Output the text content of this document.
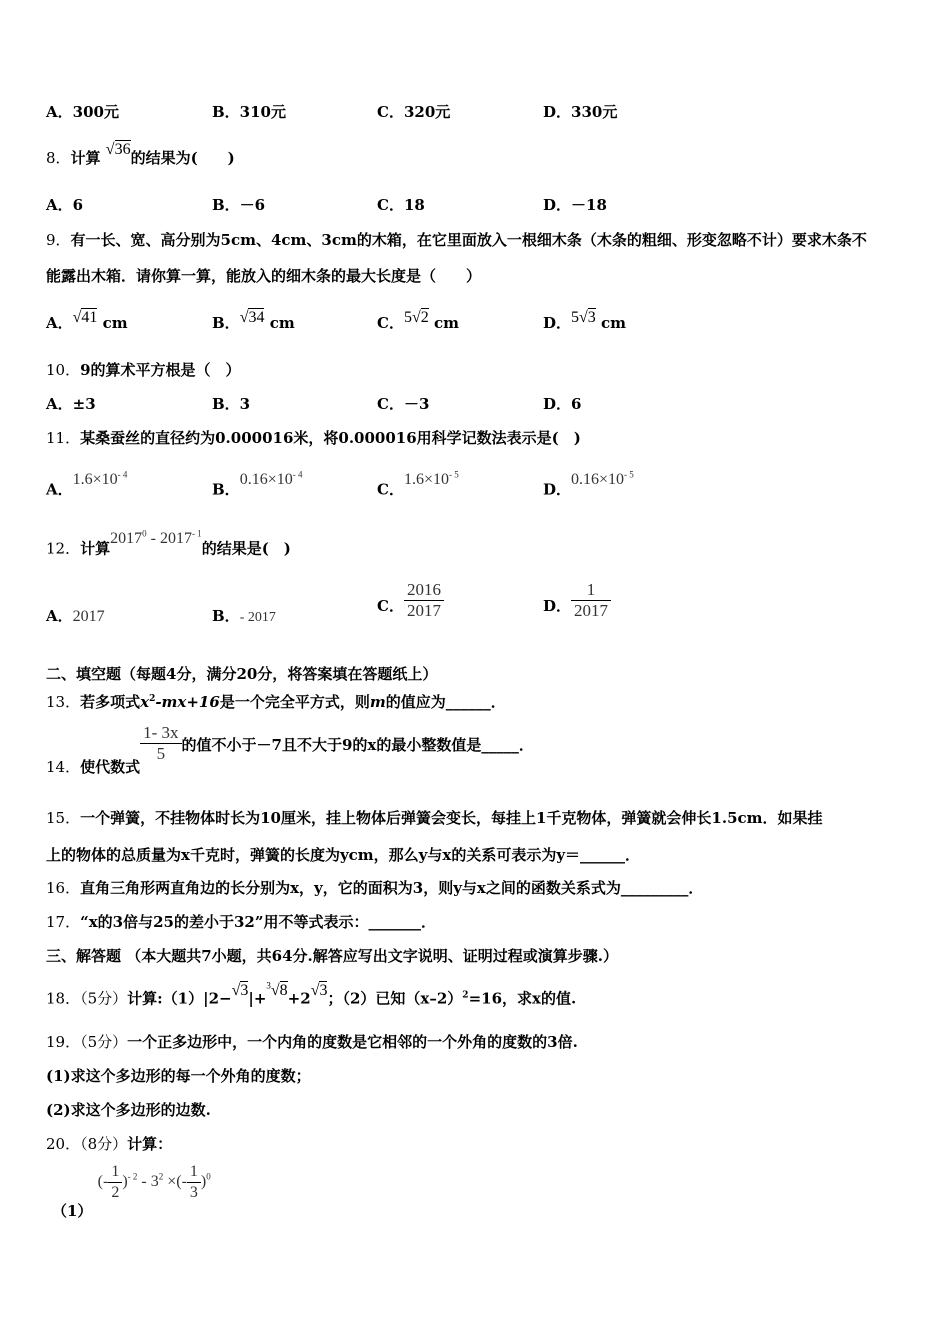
A．300元	B．310元	C．320元	D．330元
8．计算 √36的结果为(　　)
A．6	B．－6	C．18	D．－18
9．有一长、宽、高分别为5cm、4cm、3cm的木箱，在它里面放入一根细木条（木条的粗细、形变忽略不计）要求木条不
能露出木箱．请你算一算，能放入的细木条的最大长度是（　　）
A．√41 cm	B．√34 cm	C．5√2 cm	D．5√3 cm
10．9的算术平方根是（　）
A．±3	B．3	C．－3	D．6
11．某桑蚕丝的直径约为0.000016米，将0.000016用科学记数法表示是(　)
A．$1.6\times 10^{- 4}$
B．$0.16\times 10^{- 4}$
C．$1.6\times 10^{- 5}$
D．$0.16\times 10^{- 5}$
12．计算$2017^0 - 2017^{- 1}$的结果是(　)
A．2017	B．- 2017
C． $\frac{2016}{2017}$	D． $\frac{1}{2017}$
二、填空题（每题4分，满分20分，将答案填在答题纸上）
13．若多项式$x^2-mx+16$是一个完全平方式，则m的值应为______．
14．使代数式
$\frac{1- 3x}{5}$ 的值不小于－7且不大于9的x的最小整数值是_____．
15．一个弹簧，不挂物体时长为10厘米，挂上物体后弹簧会变长，每挂上1千克物体，弹簧就会伸长1.5cm．如果挂
上的物体的总质量为x千克时，弹簧的长度为ycm，那么y与x的关系可表示为y＝______．
16．直角三角形两直角边的长分别为x，y，它的面积为3，则y与x之间的函数关系式为_________．
17．“x的3倍与25的差小于32”用不等式表示：_______．
三、解答题 （本大题共7小题，共64分.解答应写出文字说明、证明过程或演算步骤.）
18．（5分）计算:（1）|2−√3|+$^3$√8+2√3；（2）已知$(x-2)^2=16$，求x的值.
19．（5分）一个正多边形中，一个内角的度数是它相邻的一个外角的度数的3倍.
(1)求这个多边形的每一个外角的度数；
(2)求这个多边形的边数.
20．（8分）计算：
（1） (- $\frac{1}{2} )^{- 2} - 3^2$ ×(- $\frac{1}{3} )^0$
